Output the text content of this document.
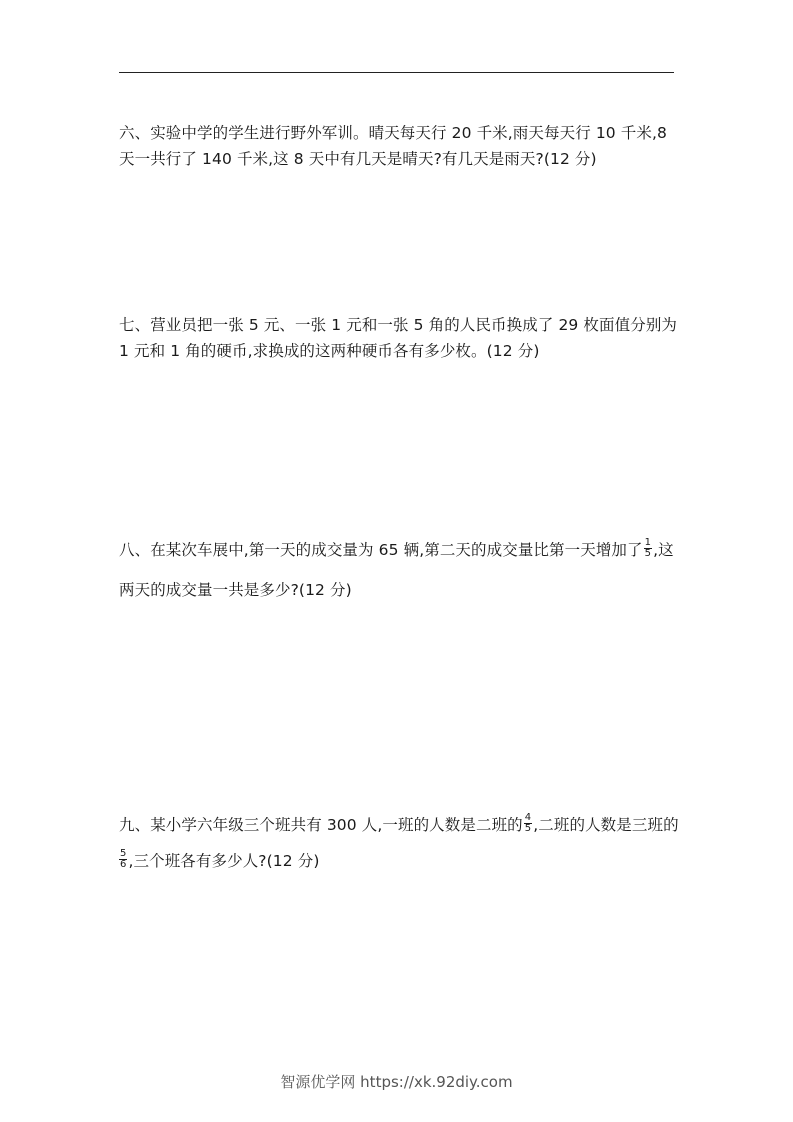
六、实验中学的学生进行野外军训。晴天每天行 20 千米,雨天每天行 10 千米,8
天一共行了 140 千米,这 8 天中有几天是晴天?有几天是雨天?(12 分)
七、营业员把一张 5 元、一张 1 元和一张 5 角的人民币换成了 29 枚面值分别为
1 元和 1 角的硬币,求换成的这两种硬币各有多少枚。(12 分)
八、在某次车展中,第一天的成交量为 65 辆,第二天的成交量比第一天增加了 $\frac{1}{5}$ ,这
两天的成交量一共是多少?(12 分)
九、某小学六年级三个班共有 300 人,一班的人数是二班的 $\frac{4}{5}$ ,二班的人数是三班的
$\frac{5}{6}$ ,三个班各有多少人?(12 分)
智源优学网 https://xk.92diy.com
